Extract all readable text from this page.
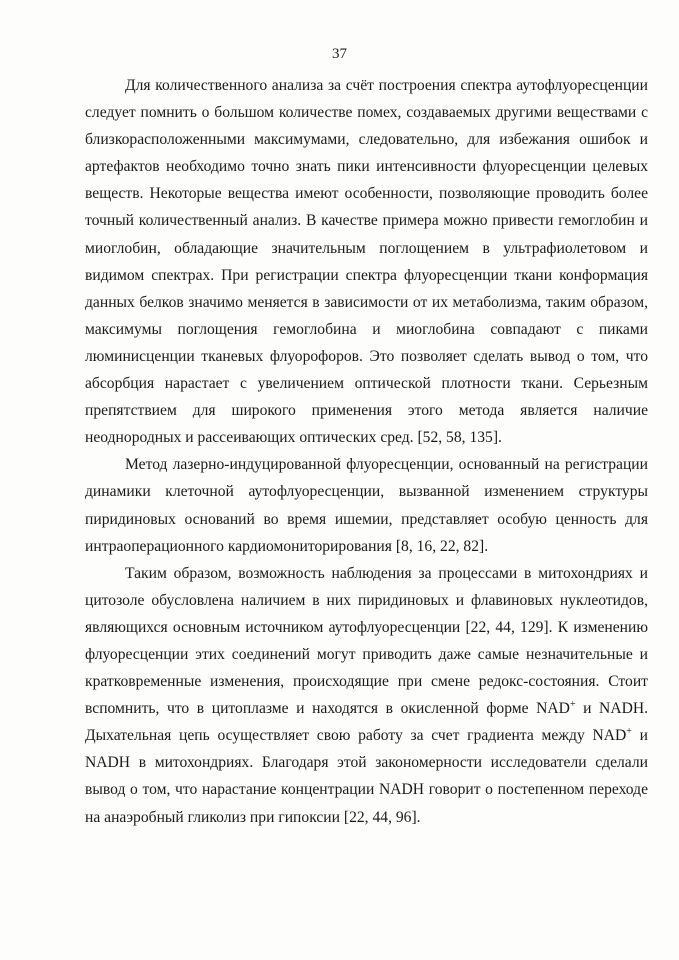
37

Для количественного анализа за счёт построения спектра аутофлуоресценции следует помнить о большом количестве помех, создаваемых другими веществами с близкорасположенными максимумами, следовательно, для избежания ошибок и артефактов необходимо точно знать пики интенсивности флуоресценции целевых веществ. Некоторые вещества имеют особенности, позволяющие проводить более точный количественный анализ. В качестве примера можно привести гемоглобин и миоглобин, обладающие значительным поглощением в ультрафиолетовом и видимом спектрах. При регистрации спектра флуоресценции ткани конформация данных белков значимо меняется в зависимости от их метаболизма, таким образом, максимумы поглощения гемоглобина и миоглобина совпадают с пиками люминисценции тканевых флуорофоров. Это позволяет сделать вывод о том, что абсорбция нарастает с увеличением оптической плотности ткани. Серьезным препятствием для широкого применения этого метода является наличие неоднородных и рассеивающих оптических сред. [52, 58, 135].

Метод лазерно-индуцированной флуоресценции, основанный на регистрации динамики клеточной аутофлуоресценции, вызванной изменением структуры пиридиновых оснований во время ишемии, представляет особую ценность для интраоперационного кардиомониторирования [8, 16, 22, 82].

Таким образом, возможность наблюдения за процессами в митохондриях и цитозоле обусловлена наличием в них пиридиновых и флавиновых нуклеотидов, являющихся основным источником аутофлуоресценции [22, 44, 129]. К изменению флуоресценции этих соединений могут приводить даже самые незначительные и кратковременные изменения, происходящие при смене редокс-состояния. Стоит вспомнить, что в цитоплазме и находятся в окисленной форме NAD+ и NADH. Дыхательная цепь осуществляет свою работу за счет градиента между NAD+ и NADH в митохондриях. Благодаря этой закономерности исследователи сделали вывод о том, что нарастание концентрации NADH говорит о постепенном переходе на анаэробный гликолиз при гипоксии [22, 44, 96].
